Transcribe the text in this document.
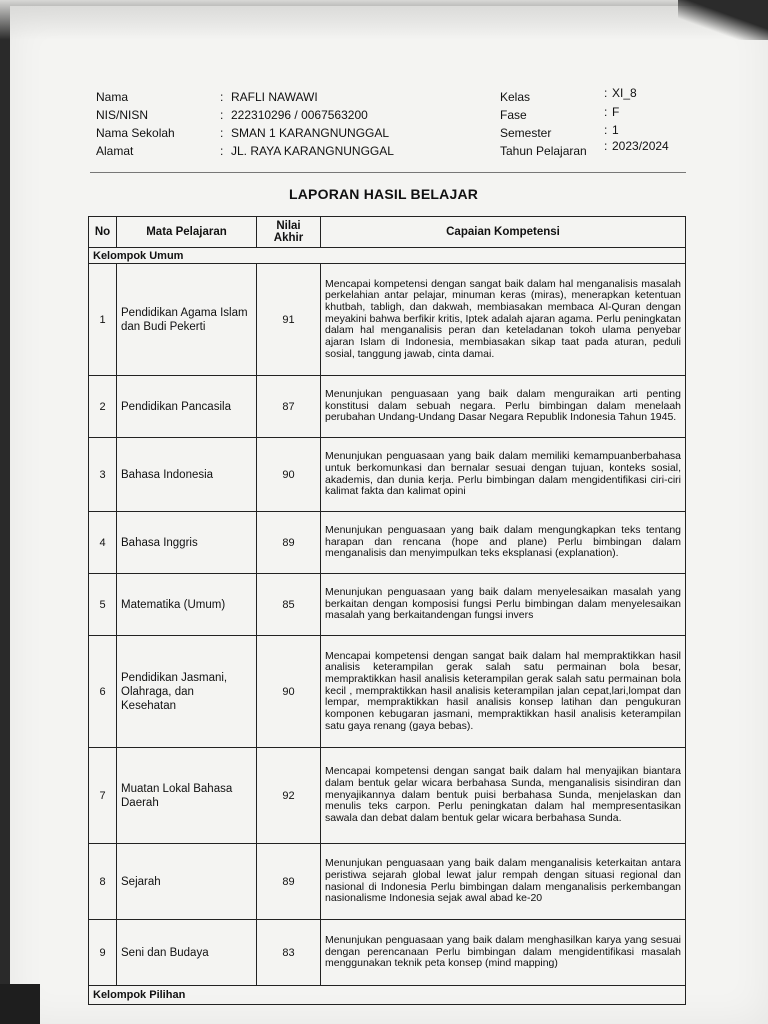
Nama	: RAFLI NAWAWI	Kelas	: XI_8
NIS/NISN	: 222310296 / 0067563200	Fase	: F
Nama Sekolah	: SMAN 1 KARANGNUNGGAL	Semester	: 1
Alamat	: JL. RAYA KARANGNUNGGAL	Tahun Pelajaran : 2023/2024
LAPORAN HASIL BELAJAR
No	Mata Pelajaran	Nilai Akhir	Capaian Kompetensi
Kelompok Umum			
1	Pendidikan Agama Islam dan Budi Pekerti	91	Mencapai kompetensi dengan sangat baik dalam hal menganalisis masalah perkelahian antar pelajar, minuman keras (miras), menerapkan ketentuan khutbah, tabligh, dan dakwah, membiasakan membaca Al-Quran dengan meyakini bahwa berfikir kritis, Iptek adalah ajaran agama. Perlu peningkatan dalam hal menganalisis peran dan keteladanan tokoh ulama penyebar ajaran Islam di Indonesia, membiasakan sikap taat pada aturan, peduli sosial, tanggung jawab, cinta damai.
2	Pendidikan Pancasila	87	Menunjukan penguasaan yang baik dalam menguraikan arti penting konstitusi dalam sebuah negara. Perlu bimbingan dalam menelaah perubahan Undang-Undang Dasar Negara Republik Indonesia Tahun 1945.
3	Bahasa Indonesia	90	Menunjukan penguasaan yang baik dalam memiliki kemampuanberbahasa untuk berkomunkasi dan bernalar sesuai dengan tujuan, konteks sosial, akademis, dan dunia kerja. Perlu bimbingan dalam mengidentifikasi ciri-ciri kalimat fakta dan kalimat opini
4	Bahasa Inggris	89	Menunjukan penguasaan yang baik dalam mengungkapkan teks tentang harapan dan rencana (hope and plane) Perlu bimbingan dalam menganalisis dan menyimpulkan teks eksplanasi (explanation).
5	Matematika (Umum)	85	Menunjukan penguasaan yang baik dalam menyelesaikan masalah yang berkaitan dengan komposisi fungsi Perlu bimbingan dalam menyelesaikan masalah yang berkaitandengan fungsi invers
6	Pendidikan Jasmani, Olahraga, dan Kesehatan	90	Mencapai kompetensi dengan sangat baik dalam hal mempraktikkan hasil analisis keterampilan gerak salah satu permainan bola besar, mempraktikkan hasil analisis keterampilan gerak salah satu permainan bola kecil , mempraktikkan hasil analisis keterampilan jalan cepat,lari,lompat dan lempar, mempraktikkan hasil analisis konsep latihan dan pengukuran komponen kebugaran jasmani, mempraktikkan hasil analisis keterampilan satu gaya renang (gaya bebas).
7	Muatan Lokal Bahasa Daerah	92	Mencapai kompetensi dengan sangat baik dalam hal menyajikan biantara dalam bentuk gelar wicara berbahasa Sunda, menganalisis sisindiran dan menyajikannya dalam bentuk puisi berbahasa Sunda, menjelaskan dan menulis teks carpon. Perlu peningkatan dalam hal mempresentasikan sawala dan debat dalam bentuk gelar wicara berbahasa Sunda.
8	Sejarah	89	Menunjukan penguasaan yang baik dalam menganalisis keterkaitan antara peristiwa sejarah global lewat jalur rempah dengan situasi regional dan nasional di Indonesia Perlu bimbingan dalam menganalisis perkembangan nasionalisme Indonesia sejak awal abad ke-20
9	Seni dan Budaya	83	Menunjukan penguasaan yang baik dalam menghasilkan karya yang sesuai dengan perencanaan Perlu bimbingan dalam mengidentifikasi masalah menggunakan teknik peta konsep (mind mapping)
Kelompok Pilihan			
